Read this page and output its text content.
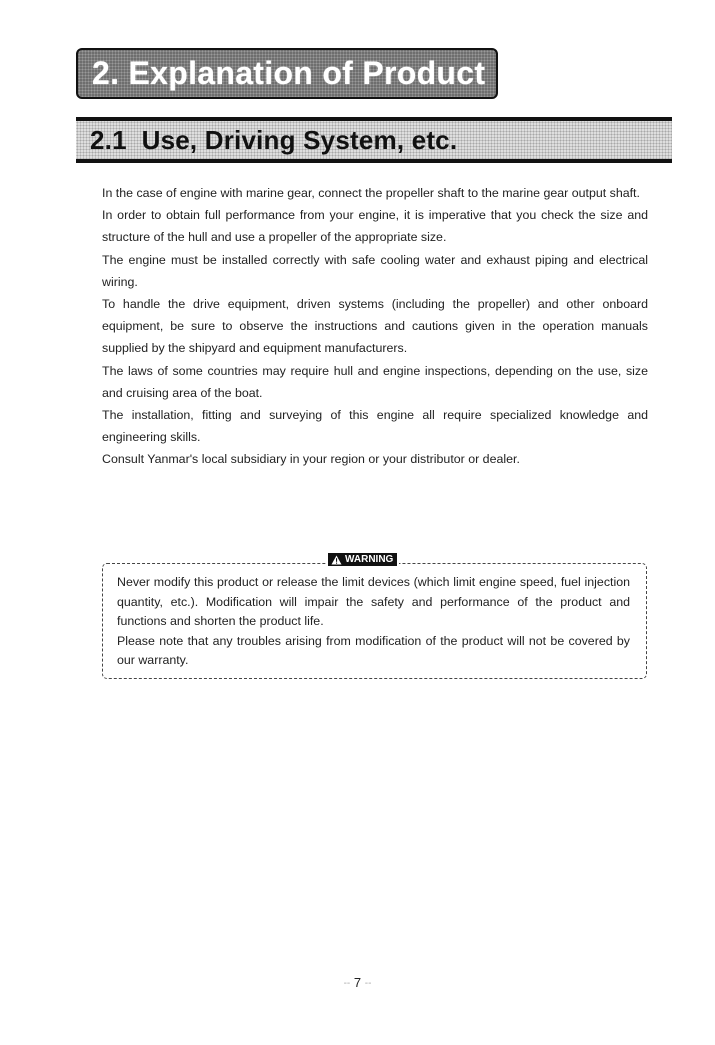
2. Explanation of Product
2.1  Use, Driving System, etc.

In the case of engine with marine gear, connect the propeller shaft to the marine gear output shaft.

In order to obtain full performance from your engine, it is imperative that you check the size and structure of the hull and use a propeller of the appropriate size.

The engine must be installed correctly with safe cooling water and exhaust piping and electrical wiring.

To handle the drive equipment, driven systems (including the propeller) and other onboard equipment, be sure to observe the instructions and cautions given in the operation manuals supplied by the shipyard and equipment manufacturers.

The laws of some countries may require hull and engine inspections, depending on the use, size and cruising area of the boat.

The installation, fitting and surveying of this engine all require specialized knowledge and engineering skills.

Consult Yanmar's local subsidiary in your region or your distributor or dealer.

WARNING

Never modify this product or release the limit devices (which limit engine speed, fuel injection quantity, etc.). Modification will impair the safety and performance of the product and functions and shorten the product life.

Please note that any troubles arising from modification of the product will not be covered by our warranty.

-- 7 --
